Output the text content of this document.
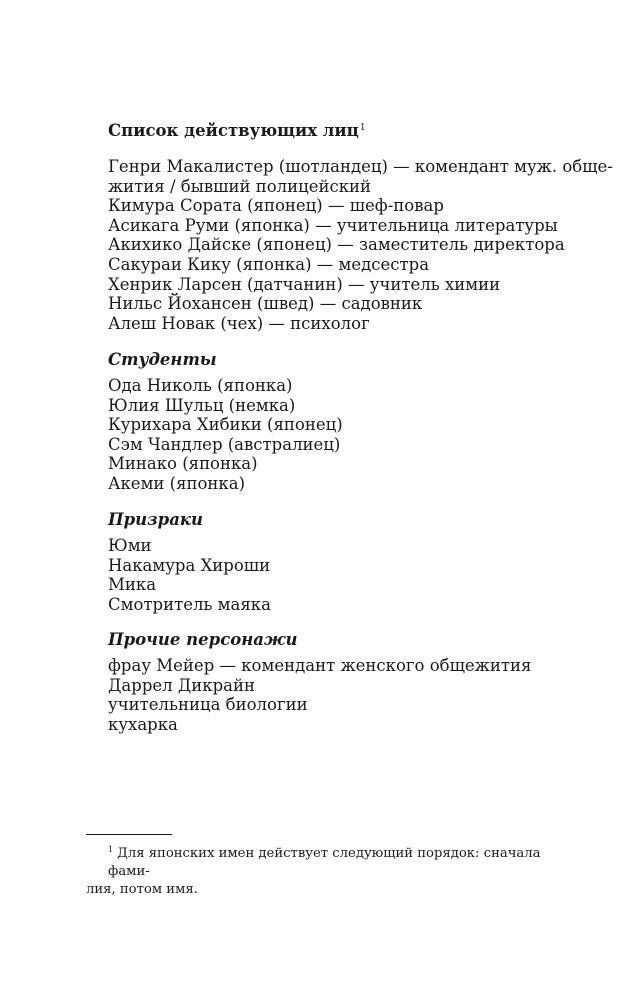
Список действующих лиц$^1$
Генри Макалистер (шотландец) — комендант муж. обще-
жития / бывший полицейский
Кимура Сората (японец) — шеф-повар
Асикага Руми (японка) — учительница литературы
Акихико Дайске (японец) — заместитель директора
Сакураи Кику (японка) — медсестра
Хенрик Ларсен (датчанин) — учитель химии
Нильс Йохансен (швед) — садовник
Алеш Новак (чех) — психолог
Студенты
Ода Николь (японка)
Юлия Шульц (немка)
Курихара Хибики (японец)
Сэм Чандлер (австралиец)
Минако (японка)
Акеми (японка)
Призраки
Юми
Накамура Хироши
Мика
Смотритель маяка
Прочие персонажи
фрау Мейер — комендант женского общежития
Даррел Дикрайн
учительница биологии
кухарка
$^1$ Для японских имен действует следующий порядок: сначала фами-
лия, потом имя.
